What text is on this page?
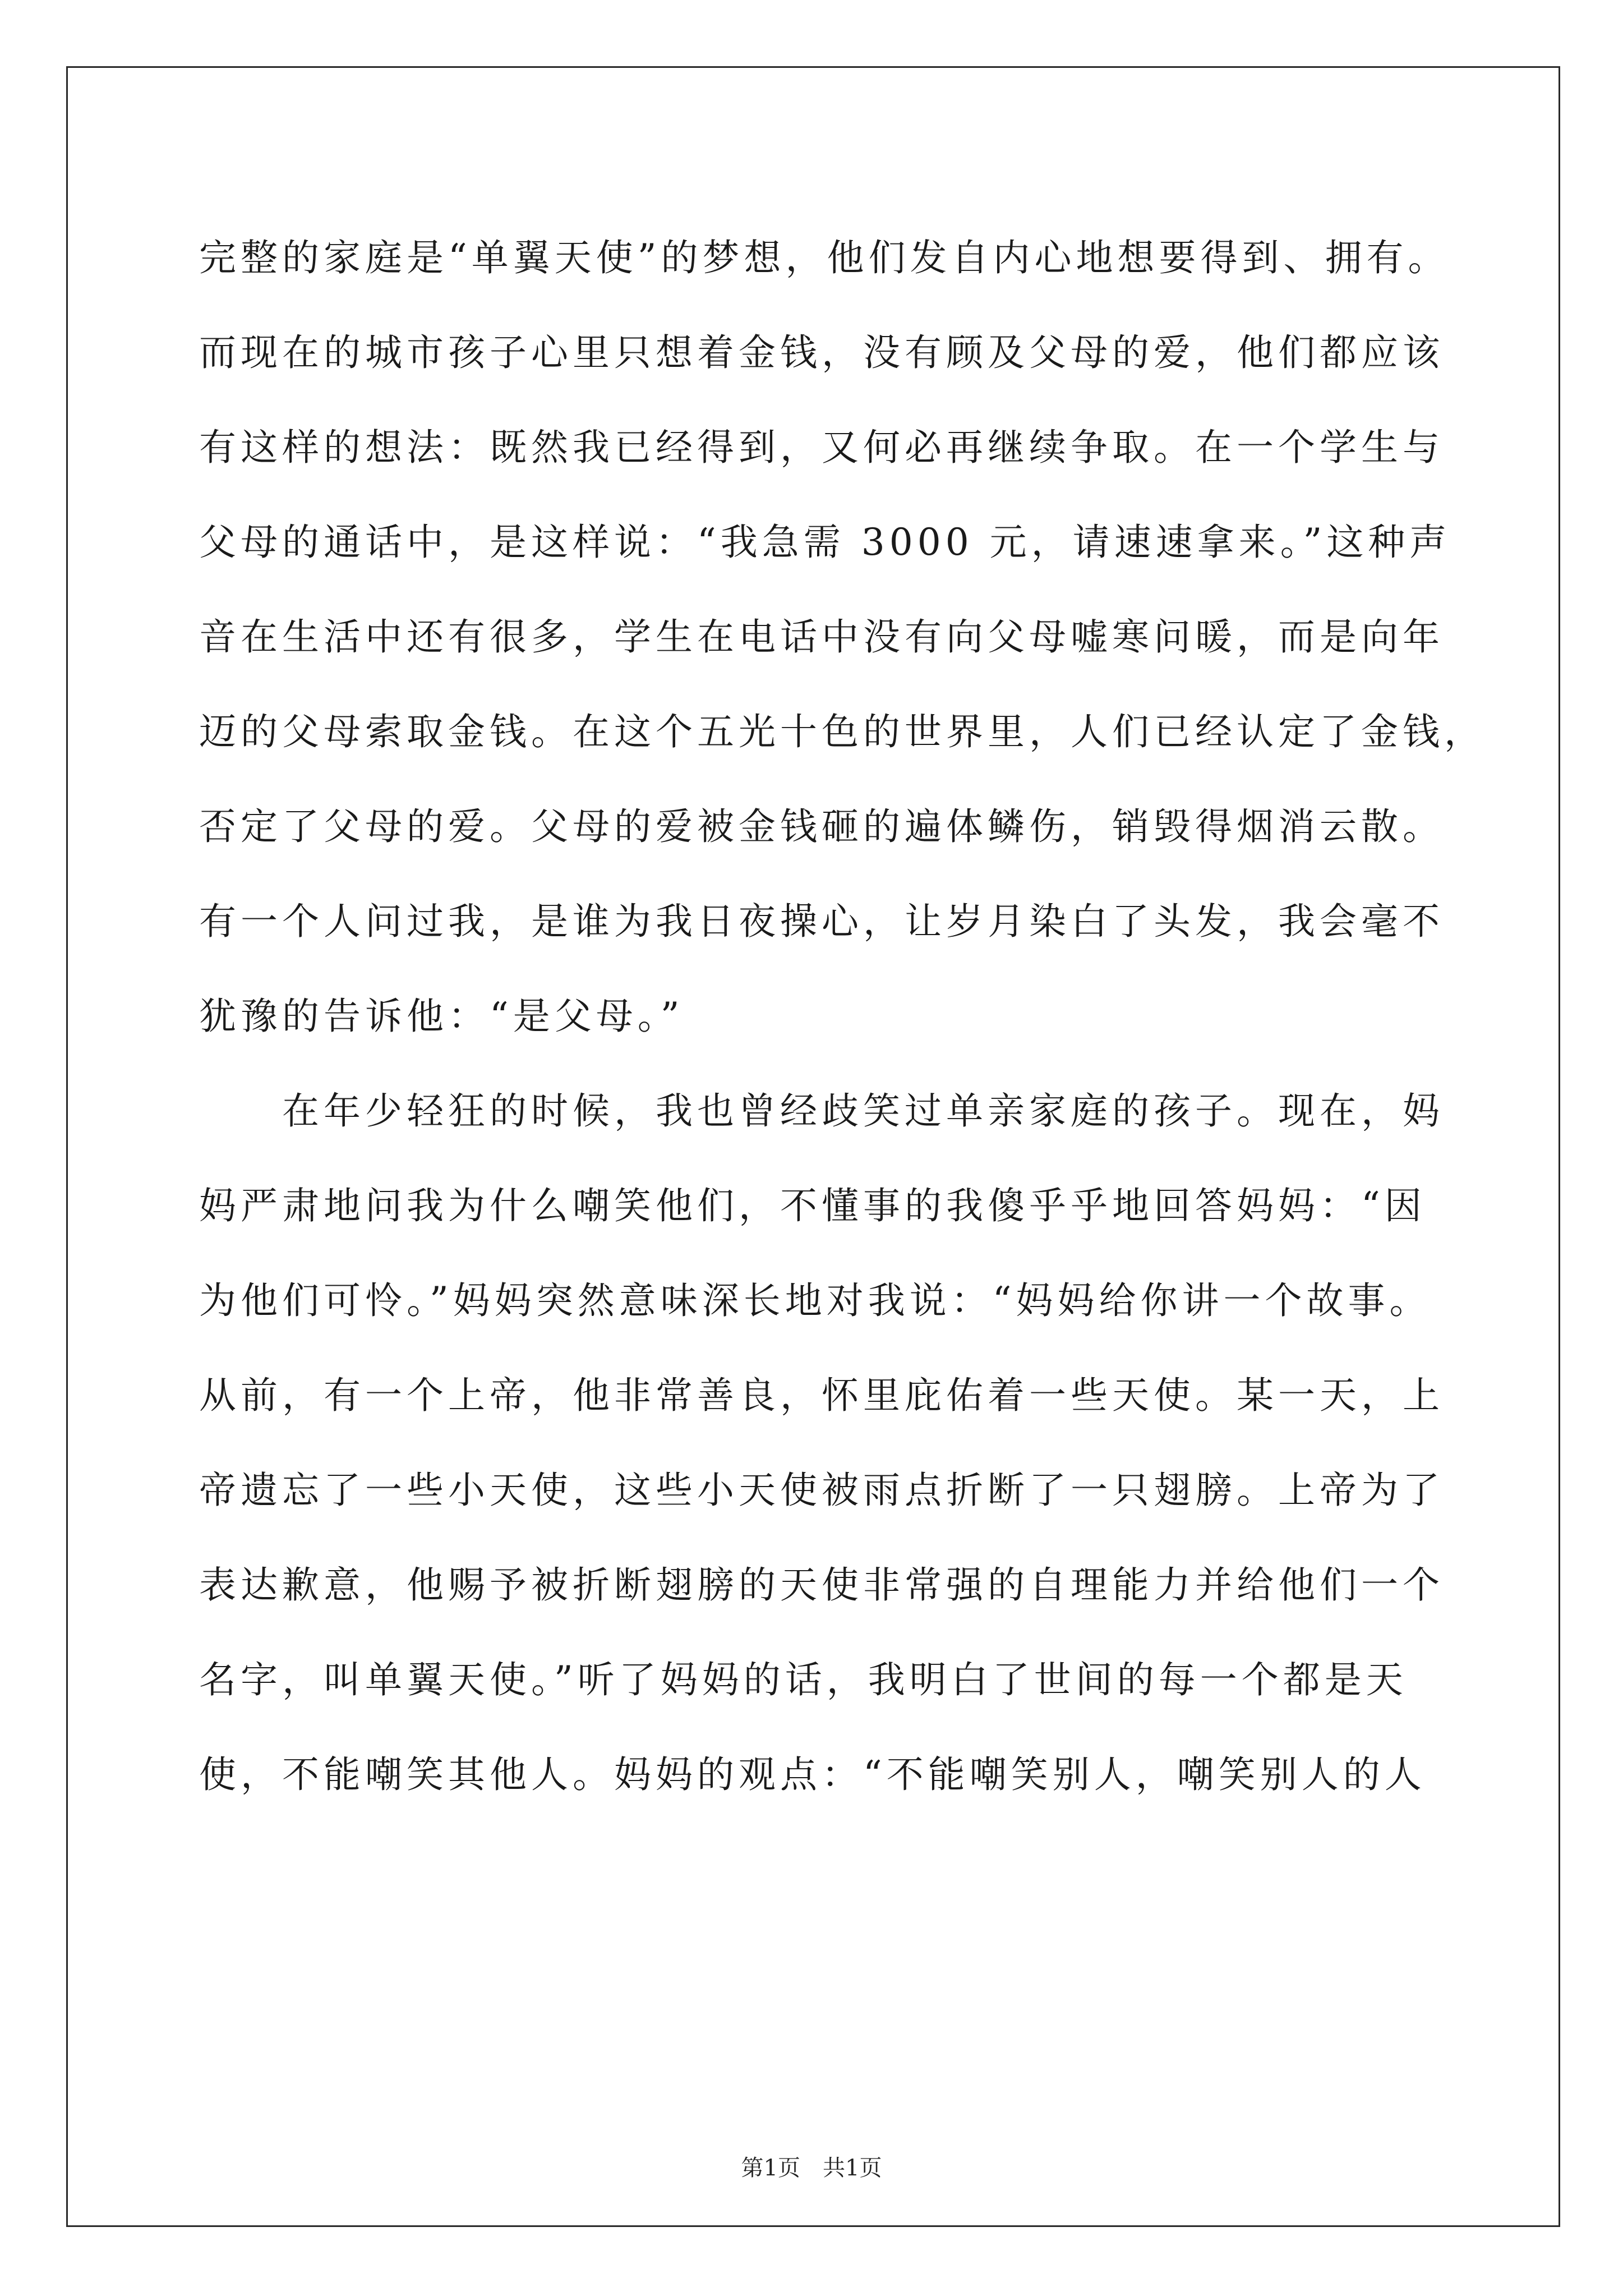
完整的家庭是“单翼天使”的梦想，他们发自内心地想要得到、拥有。
而现在的城市孩子心里只想着金钱，没有顾及父母的爱，他们都应该
有这样的想法：既然我已经得到，又何必再继续争取。在一个学生与
父母的通话中，是这样说：“我急需 3000 元，请速速拿来。”这种声
音在生活中还有很多，学生在电话中没有向父母嘘寒问暖，而是向年
迈的父母索取金钱。在这个五光十色的世界里，人们已经认定了金钱，
否定了父母的爱。父母的爱被金钱砸的遍体鳞伤，销毁得烟消云散。
有一个人问过我，是谁为我日夜操心，让岁月染白了头发，我会毫不
犹豫的告诉他：“是父母。”
　　在年少轻狂的时候，我也曾经歧笑过单亲家庭的孩子。现在，妈
妈严肃地问我为什么嘲笑他们，不懂事的我傻乎乎地回答妈妈：“因
为他们可怜。”妈妈突然意味深长地对我说：“妈妈给你讲一个故事。
从前，有一个上帝，他非常善良，怀里庇佑着一些天使。某一天，上
帝遗忘了一些小天使，这些小天使被雨点折断了一只翅膀。上帝为了
表达歉意，他赐予被折断翅膀的天使非常强的自理能力并给他们一个
名字，叫单翼天使。”听了妈妈的话，我明白了世间的每一个都是天
使，不能嘲笑其他人。妈妈的观点：“不能嘲笑别人，嘲笑别人的人
第1页　共1页
